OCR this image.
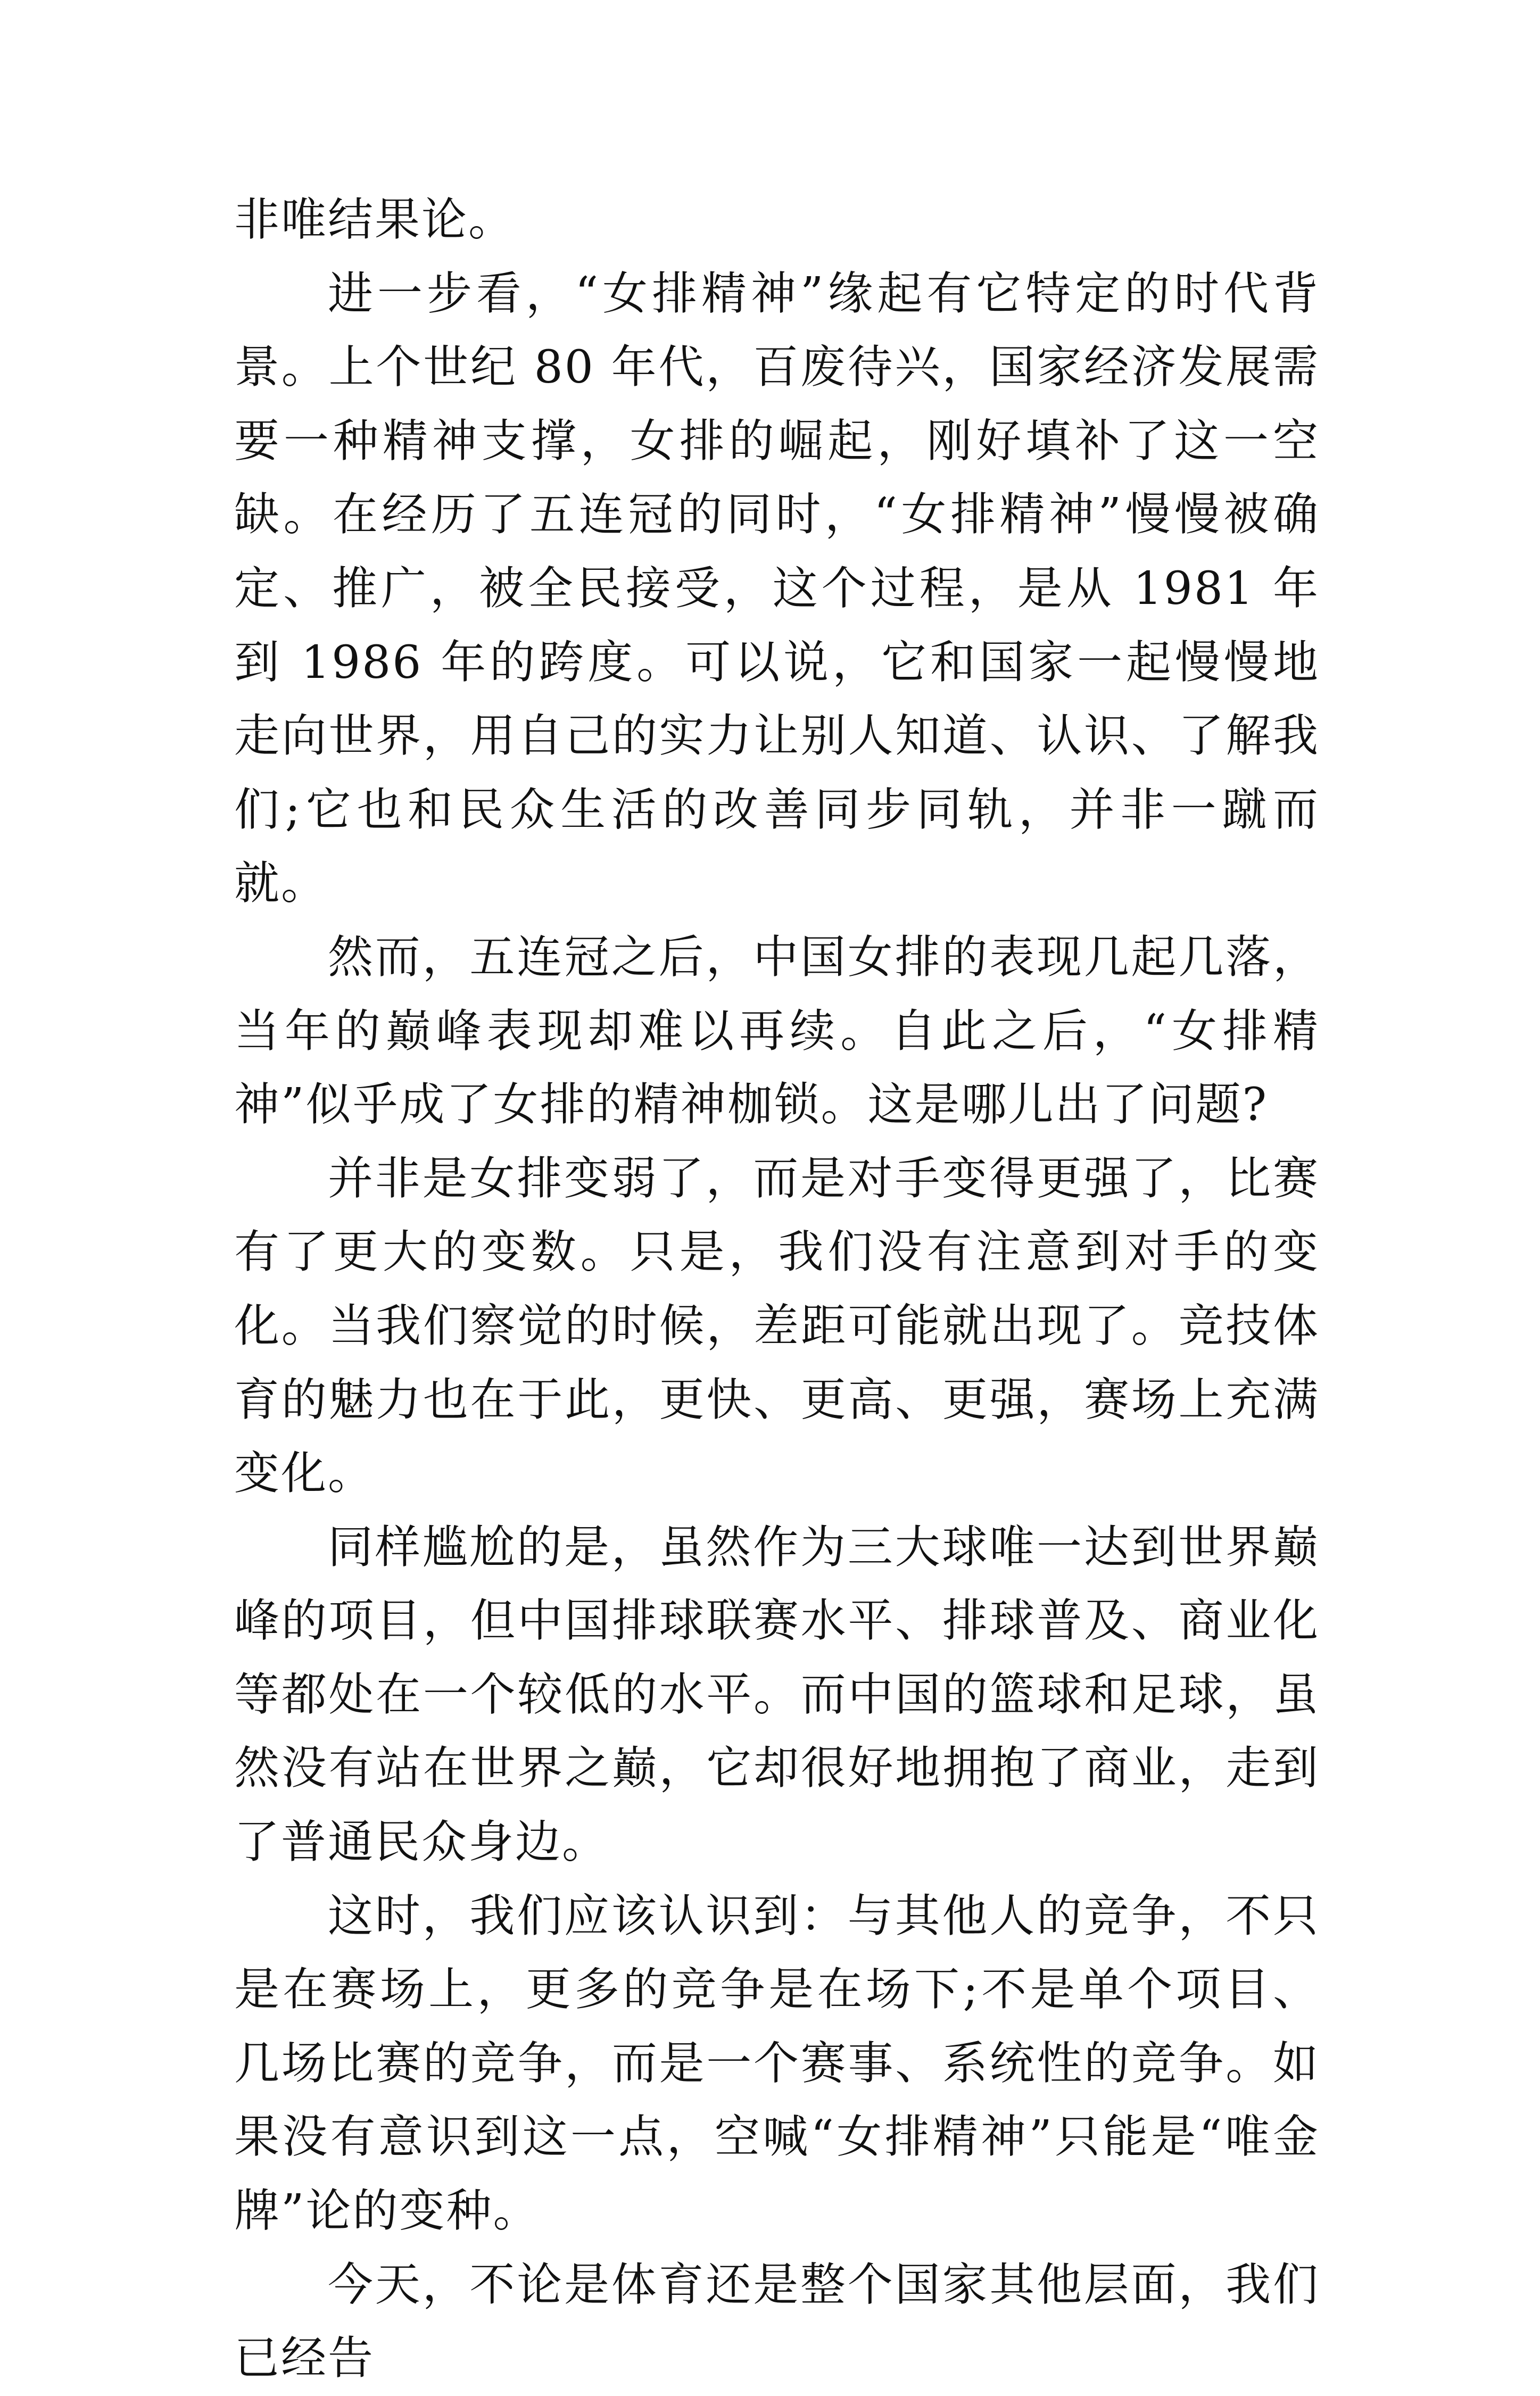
非唯结果论。

进一步看，“女排精神”缘起有它特定的时代背景。上个世纪 80 年代，百废待兴，国家经济发展需要一种精神支撑，女排的崛起，刚好填补了这一空缺。在经历了五连冠的同时，“女排精神”慢慢被确定、推广，被全民接受，这个过程，是从 1981 年到 1986 年的跨度。可以说，它和国家一起慢慢地走向世界，用自己的实力让别人知道、认识、了解我们;它也和民众生活的改善同步同轨，并非一蹴而就。

然而，五连冠之后，中国女排的表现几起几落，当年的巅峰表现却难以再续。自此之后，“女排精神”似乎成了女排的精神枷锁。这是哪儿出了问题?

并非是女排变弱了，而是对手变得更强了，比赛有了更大的变数。只是，我们没有注意到对手的变化。当我们察觉的时候，差距可能就出现了。竞技体育的魅力也在于此，更快、更高、更强，赛场上充满变化。

同样尴尬的是，虽然作为三大球唯一达到世界巅峰的项目，但中国排球联赛水平、排球普及、商业化等都处在一个较低的水平。而中国的篮球和足球，虽然没有站在世界之巅，它却很好地拥抱了商业，走到了普通民众身边。

这时，我们应该认识到：与其他人的竞争，不只是在赛场上，更多的竞争是在场下;不是单个项目、几场比赛的竞争，而是一个赛事、系统性的竞争。如果没有意识到这一点，空喊“女排精神”只能是“唯金牌”论的变种。

今天，不论是体育还是整个国家其他层面，我们已经告
